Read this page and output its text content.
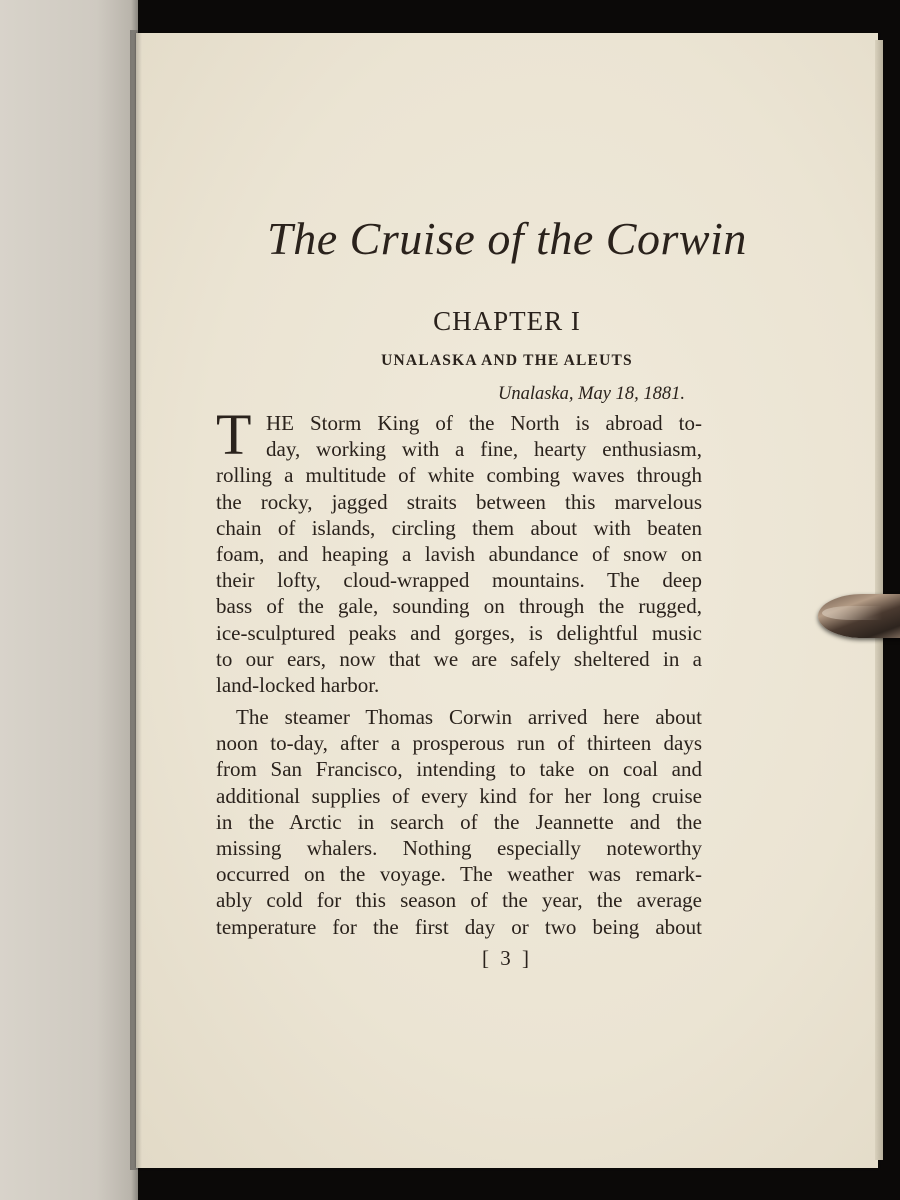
The Cruise of the Corwin
CHAPTER I
UNALASKA AND THE ALEUTS
Unalaska, May 18, 1881.
T HE Storm King of the North is abroad to-
day, working with a fine, hearty enthusiasm,
rolling a multitude of white combing waves through
the rocky, jagged straits between this marvelous
chain of islands, circling them about with beaten
foam, and heaping a lavish abundance of snow on
their lofty, cloud-wrapped mountains. The deep
bass of the gale, sounding on through the rugged,
ice-sculptured peaks and gorges, is delightful music
to our ears, now that we are safely sheltered in a
land-locked harbor.
The steamer Thomas Corwin arrived here about
noon to-day, after a prosperous run of thirteen days
from San Francisco, intending to take on coal and
additional supplies of every kind for her long cruise
in the Arctic in search of the Jeannette and the
missing whalers. Nothing especially noteworthy
occurred on the voyage. The weather was remark-
ably cold for this season of the year, the average
temperature for the first day or two being about
[ 3 ]
